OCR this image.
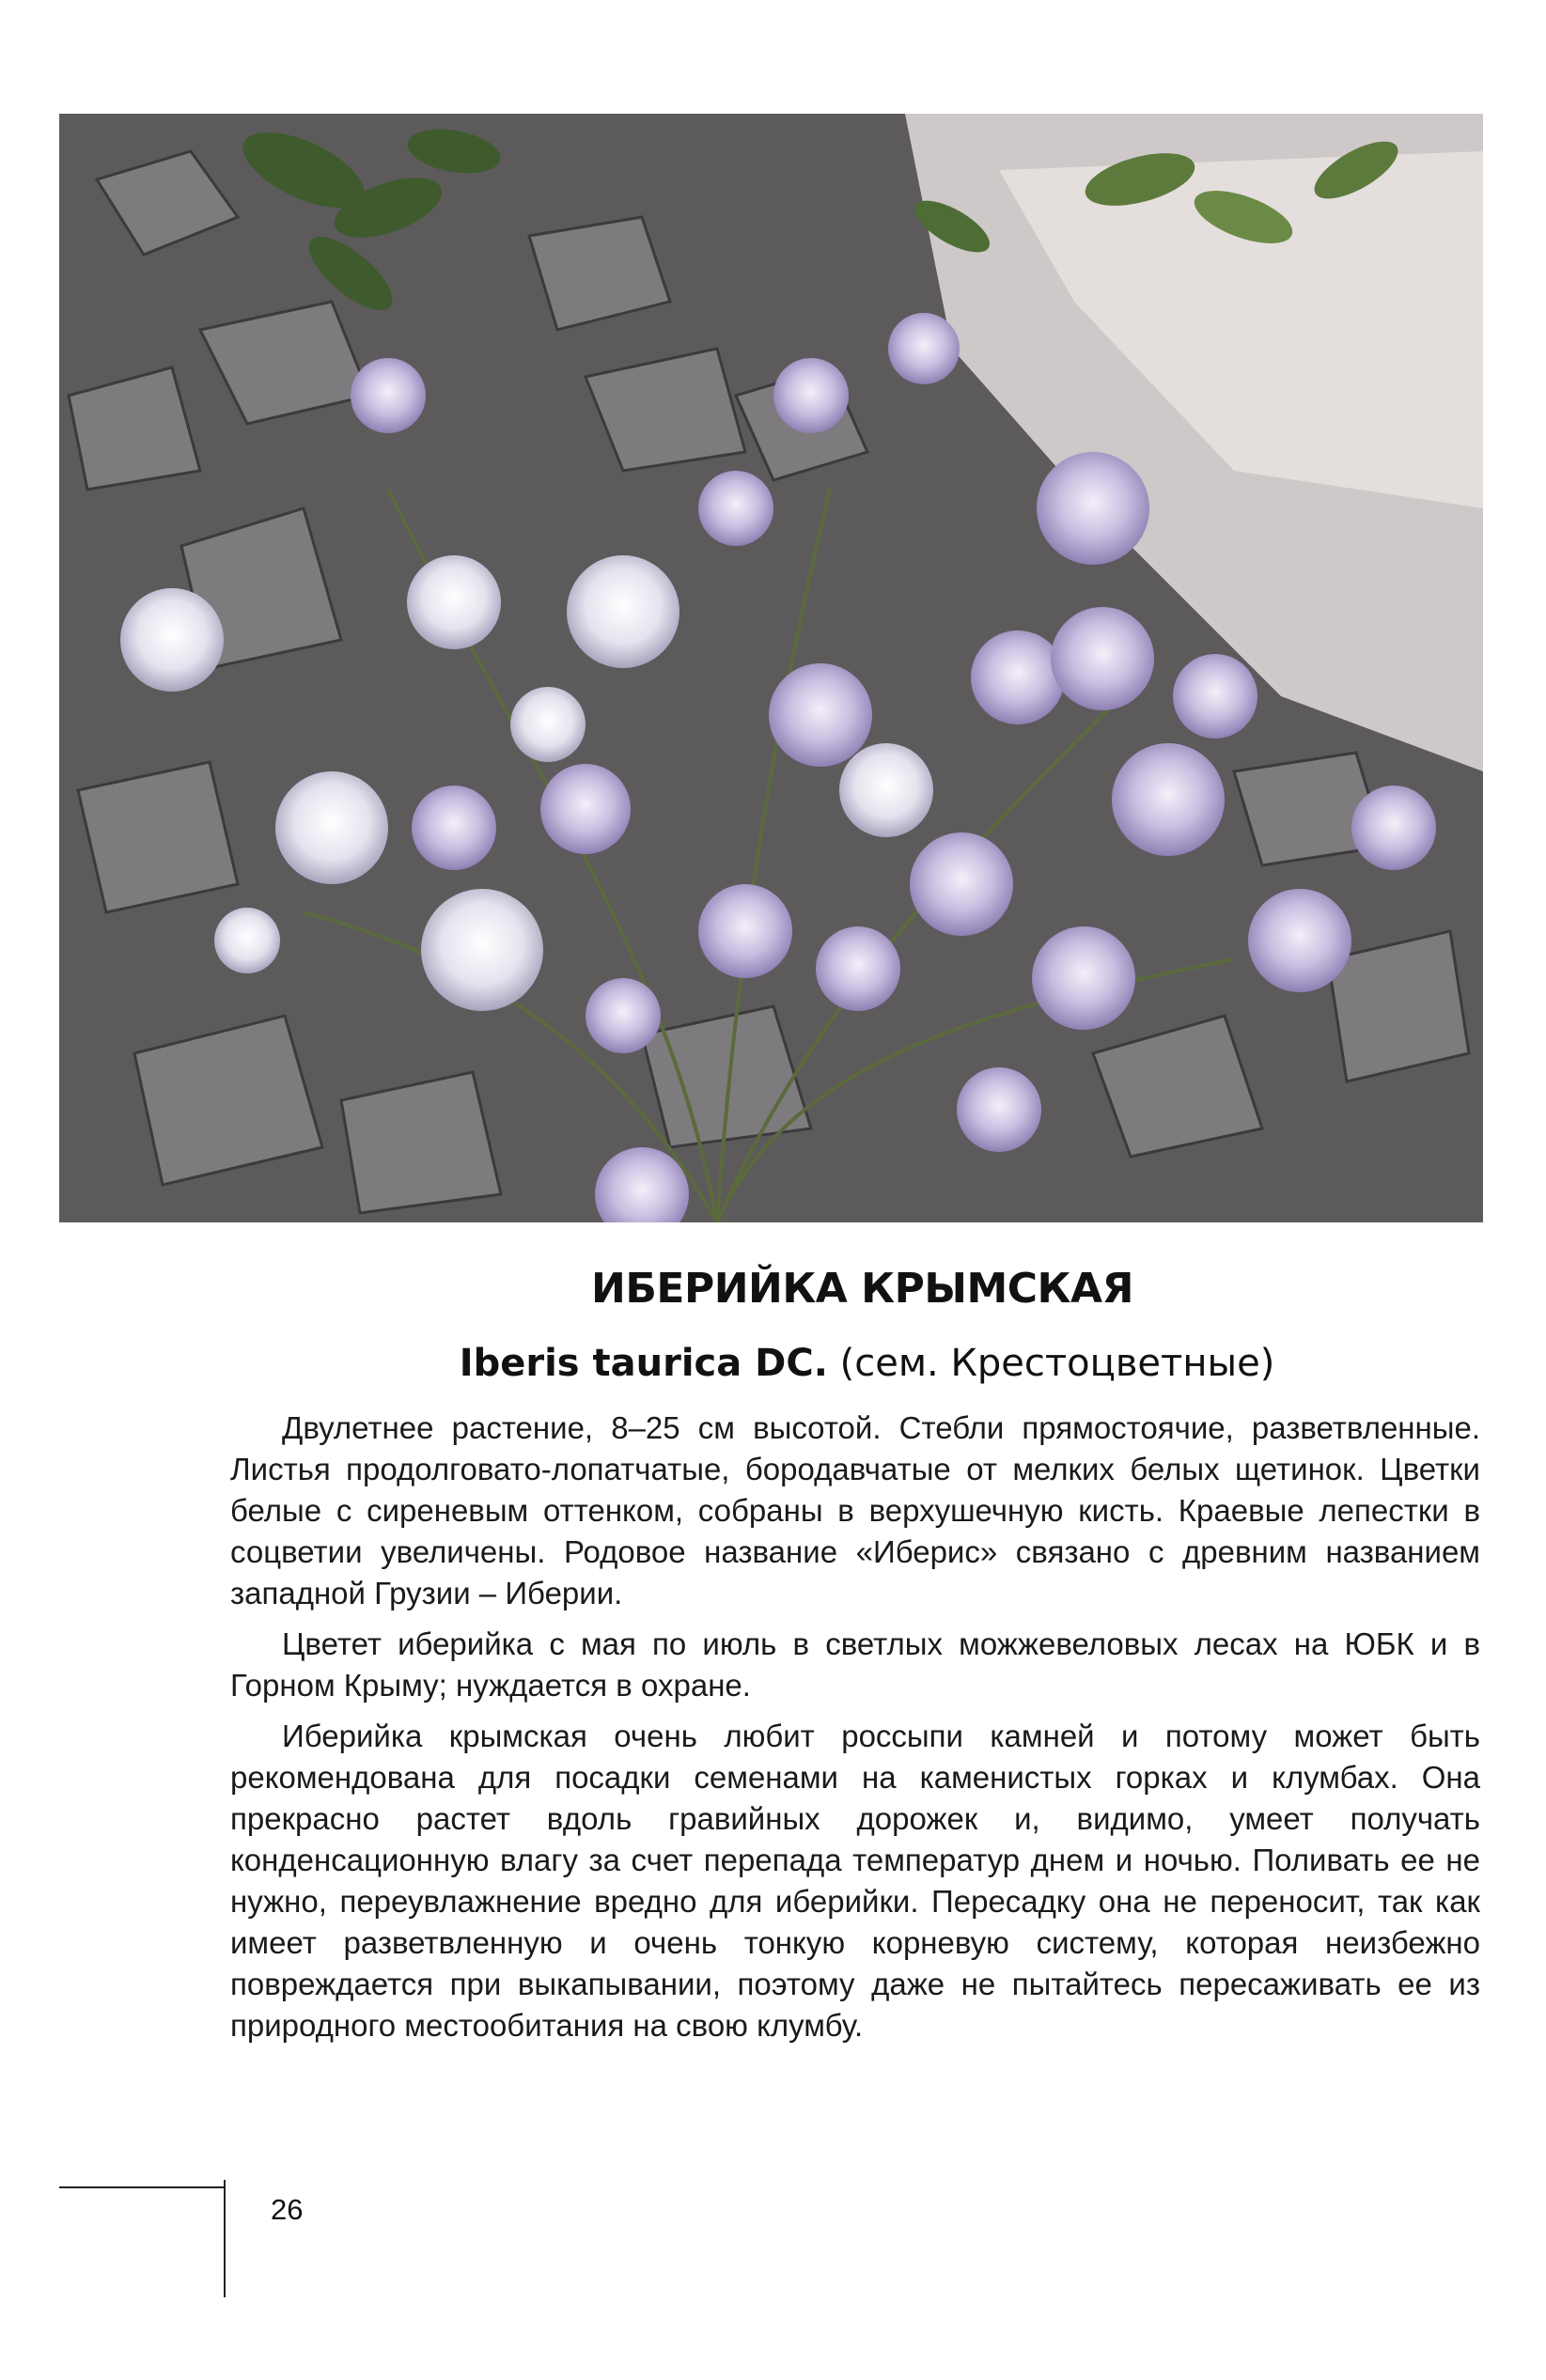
ИБЕРИЙКА КРЫМСКАЯ
Iberis taurica DC. (сем. Крестоцветные)

Двулетнее растение, 8–25 см высотой. Стебли прямостоячие, разветвленные. Листья продолговато-лопатчатые, бородавчатые от мелких белых щетинок. Цветки белые с сиреневым оттенком, собраны в верхушечную кисть. Краевые лепестки в соцветии увеличены. Родовое название «Иберис» связано с древним названием западной Грузии – Иберии.

Цветет иберийка с мая по июль в светлых можжевеловых лесах на ЮБК и в Горном Крыму; нуждается в охране.

Иберийка крымская очень любит россыпи камней и потому может быть рекомендована для посадки семенами на каменистых горках и клумбах. Она прекрасно растет вдоль гравийных дорожек и, видимо, умеет получать конденсационную влагу за счет перепада температур днем и ночью. Поливать ее не нужно, переувлажнение вредно для иберийки. Пересадку она не переносит, так как имеет разветвленную и очень тонкую корневую систему, которая неизбежно повреждается при выкапывании, поэтому даже не пытайтесь пересаживать ее из природного местообитания на свою клумбу.

26
